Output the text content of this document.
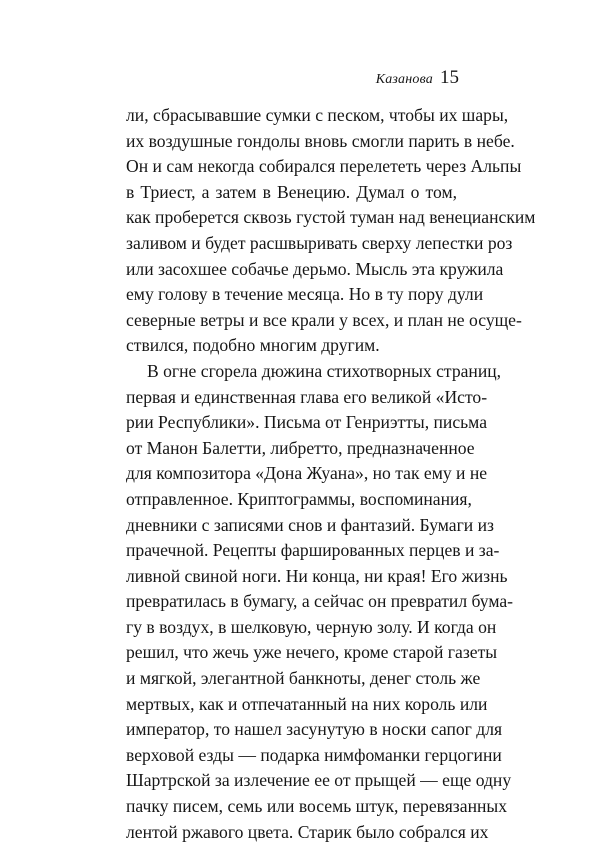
Казанова 15
ли, сбрасывавшие сумки с песком, чтобы их шары,
их воздушные гондолы вновь смогли парить в небе.
Он и сам некогда собирался перелететь через Альпы
в Триест, а затем в Венецию. Думал о том,
как проберется сквозь густой туман над венецианским
заливом и будет расшвыривать сверху лепестки роз
или засохшее собачье дерьмо. Мысль эта кружила
ему голову в течение месяца. Но в ту пору дули
северные ветры и все крали у всех, и план не осуще-
ствился, подобно многим другим.
В огне сгорела дюжина стихотворных страниц,
первая и единственная глава его великой «Исто-
рии Республики». Письма от Генриэтты, письма
от Манон Балетти, либретто, предназначенное
для композитора «Дона Жуана», но так ему и не
отправленное. Криптограммы, воспоминания,
дневники с записями снов и фантазий. Бумаги из
прачечной. Рецепты фаршированных перцев и за-
ливной свиной ноги. Ни конца, ни края! Его жизнь
превратилась в бумагу, а сейчас он превратил бума-
гу в воздух, в шелковую, черную золу. И когда он
решил, что жечь уже нечего, кроме старой газеты
и мягкой, элегантной банкноты, денег столь же
мертвых, как и отпечатанный на них король или
император, то нашел засунутую в носки сапог для
верховой езды — подарка нимфоманки герцогини
Шартрской за излечение ее от прыщей — еще одну
пачку писем, семь или восемь штук, перевязанных
лентой ржавого цвета. Старик было собрался их
